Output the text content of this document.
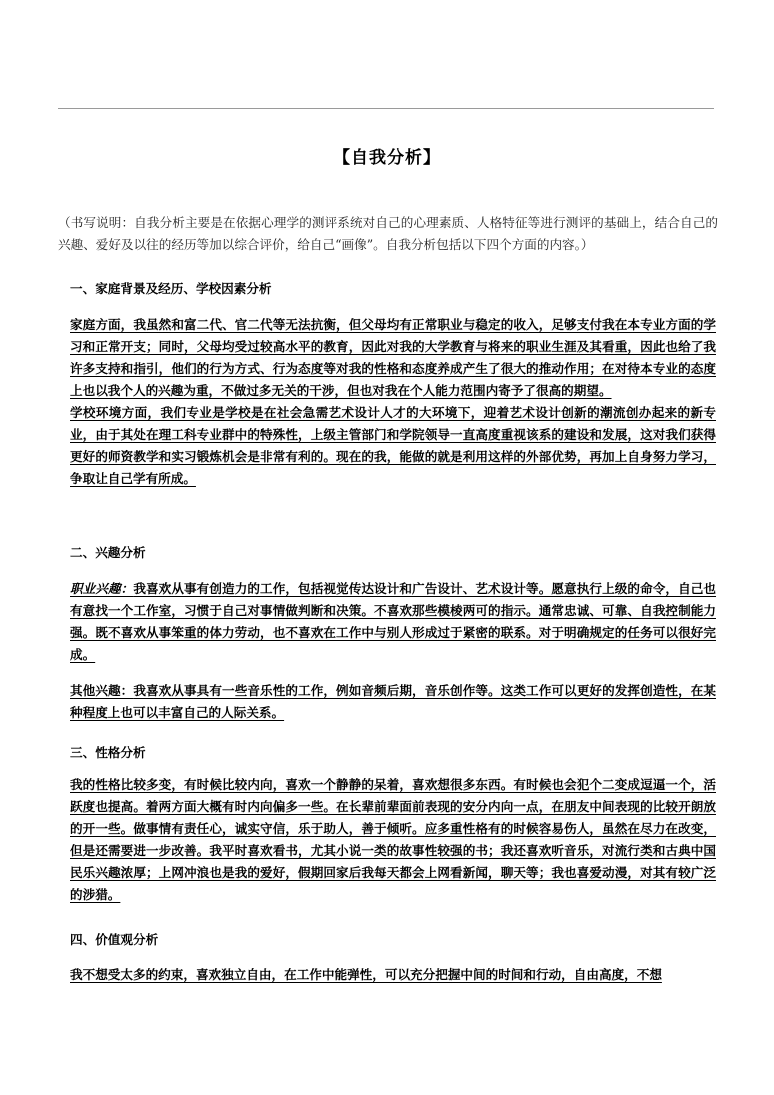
【自我分析】
（书写说明：自我分析主要是在依据心理学的测评系统对自己的心理素质、人格特征等进行测评的基础上，结合自己的兴趣、爱好及以往的经历等加以综合评价，给自己“画像”。自我分析包括以下四个方面的内容。）
一、家庭背景及经历、学校因素分析

家庭方面，我虽然和富二代、官二代等无法抗衡，但父母均有正常职业与稳定的收入，足够支付我在本专业方面的学习和正常开支；同时，父母均受过较高水平的教育，因此对我的大学教育与将来的职业生涯及其看重，因此也给了我许多支持和指引，他们的行为方式、行为态度等对我的性格和态度养成产生了很大的推动作用；在对待本专业的态度上也以我个人的兴趣为重，不做过多无关的干涉，但也对我在个人能力范围内寄予了很高的期望。

学校环境方面，我们专业是学校是在社会急需艺术设计人才的大环境下，迎着艺术设计创新的潮流创办起来的新专业，由于其处在理工科专业群中的特殊性，上级主管部门和学院领导一直高度重视该系的建设和发展，这对我们获得更好的师资教学和实习锻炼机会是非常有利的。现在的我，能做的就是利用这样的外部优势，再加上自身努力学习，争取让自己学有所成。

二、兴趣分析

职业兴趣：我喜欢从事有创造力的工作，包括视觉传达设计和广告设计、艺术设计等。愿意执行上级的命令，自己也有意找一个工作室，习惯于自己对事情做判断和决策。不喜欢那些模棱两可的指示。通常忠诚、可靠、自我控制能力强。既不喜欢从事笨重的体力劳动，也不喜欢在工作中与别人形成过于紧密的联系。对于明确规定的任务可以很好完成。

其他兴趣：我喜欢从事具有一些音乐性的工作，例如音频后期，音乐创作等。这类工作可以更好的发挥创造性，在某种程度上也可以丰富自己的人际关系。

三、性格分析

我的性格比较多变，有时候比较内向，喜欢一个静静的呆着，喜欢想很多东西。有时候也会犯个二变成逗逼一个，活跃度也提高。着两方面大概有时内向偏多一些。在长辈前辈面前表现的安分内向一点，在朋友中间表现的比较开朗放的开一些。做事情有责任心，诚实守信，乐于助人，善于倾听。应多重性格有的时候容易伤人，虽然在尽力在改变，但是还需要进一步改善。我平时喜欢看书，尤其小说一类的故事性较强的书；我还喜欢听音乐，对流行类和古典中国民乐兴趣浓厚；上网冲浪也是我的爱好，假期回家后我每天都会上网看新闻，聊天等；我也喜爱动漫，对其有较广泛的涉猎。

四、价值观分析

我不想受太多的约束，喜欢独立自由，在工作中能弹性，可以充分把握中间的时间和行动，自由高度，不想
